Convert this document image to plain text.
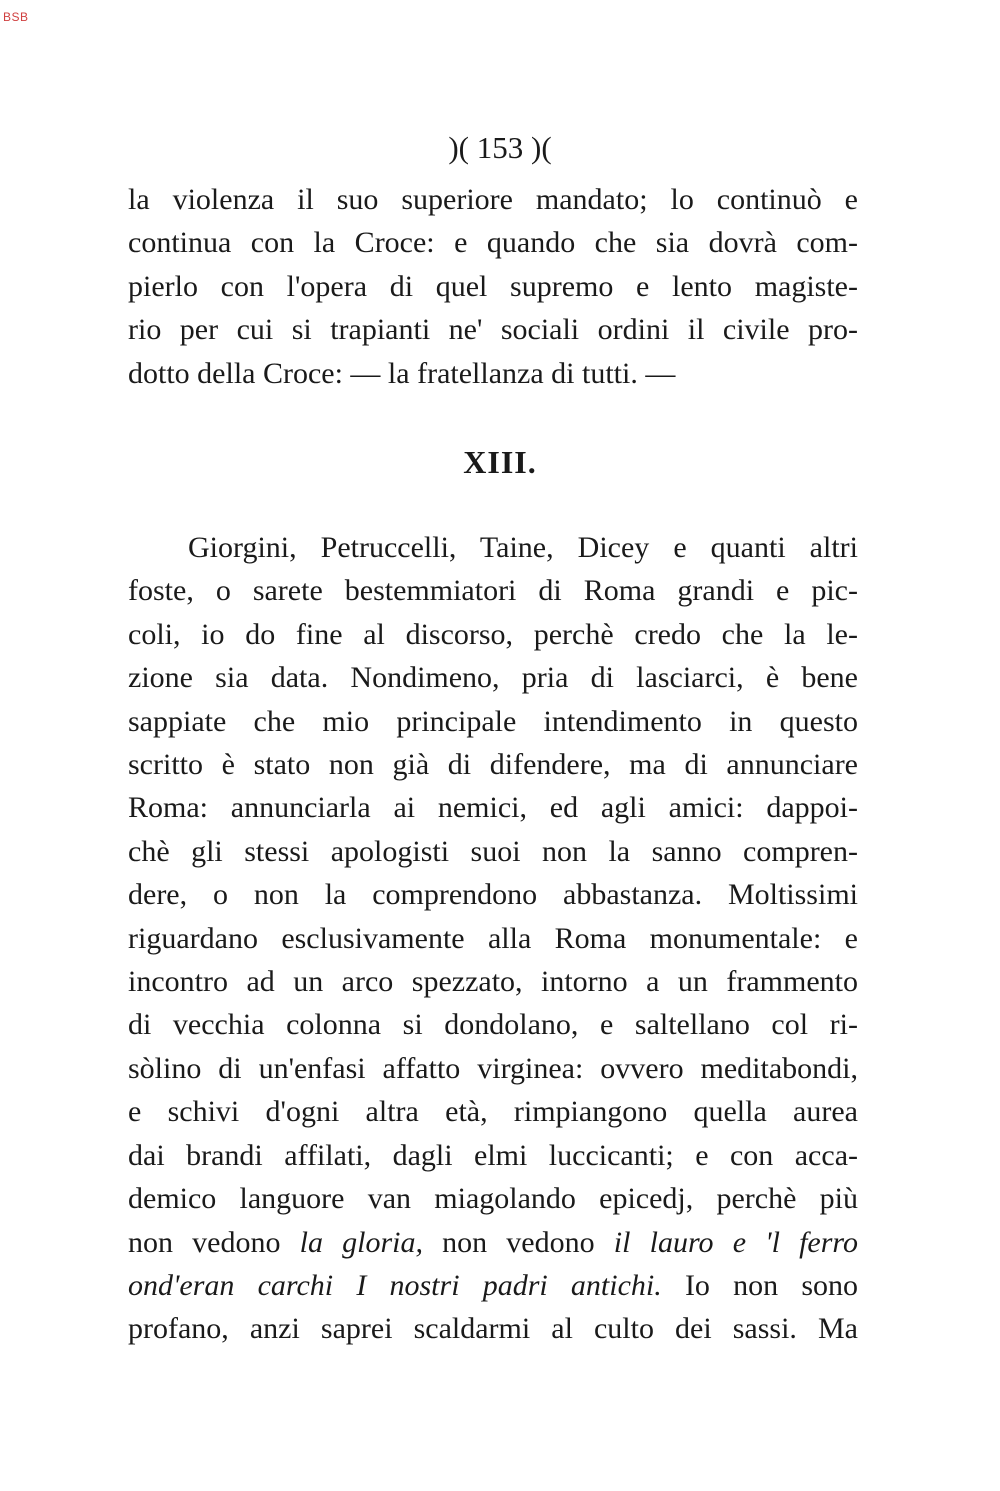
BSB
)( 153 )(
la violenza il suo superiore mandato; lo continuò e
continua con la Croce: e quando che sia dovrà com-
pierlo con l'opera di quel supremo e lento magiste-
rio per cui si trapianti ne' sociali ordini il civile pro-
dotto della Croce: — la fratellanza di tutti. —
XIII.
Giorgini, Petruccelli, Taine, Dicey e quanti altri
foste, o sarete bestemmiatori di Roma grandi e pic-
coli, io do fine al discorso, perchè credo che la le-
zione sia data. Nondimeno, pria di lasciarci, è bene
sappiate che mio principale intendimento in questo
scritto è stato non già di difendere, ma di annunciare
Roma: annunciarla ai nemici, ed agli amici: dappoi-
chè gli stessi apologisti suoi non la sanno compren-
dere, o non la comprendono abbastanza. Moltissimi
riguardano esclusivamente alla Roma monumentale: e
incontro ad un arco spezzato, intorno a un frammento
di vecchia colonna si dondolano, e saltellano col ri-
sòlino di un'enfasi affatto virginea: ovvero meditabondi,
e schivi d'ogni altra età, rimpiangono quella aurea
dai brandi affilati, dagli elmi luccicanti; e con acca-
demico languore van miagolando epicedj, perchè più
non vedono la gloria, non vedono il lauro e 'l ferro
ond'eran carchi I nostri padri antichi. Io non sono
profano, anzi saprei scaldarmi al culto dei sassi. Ma
